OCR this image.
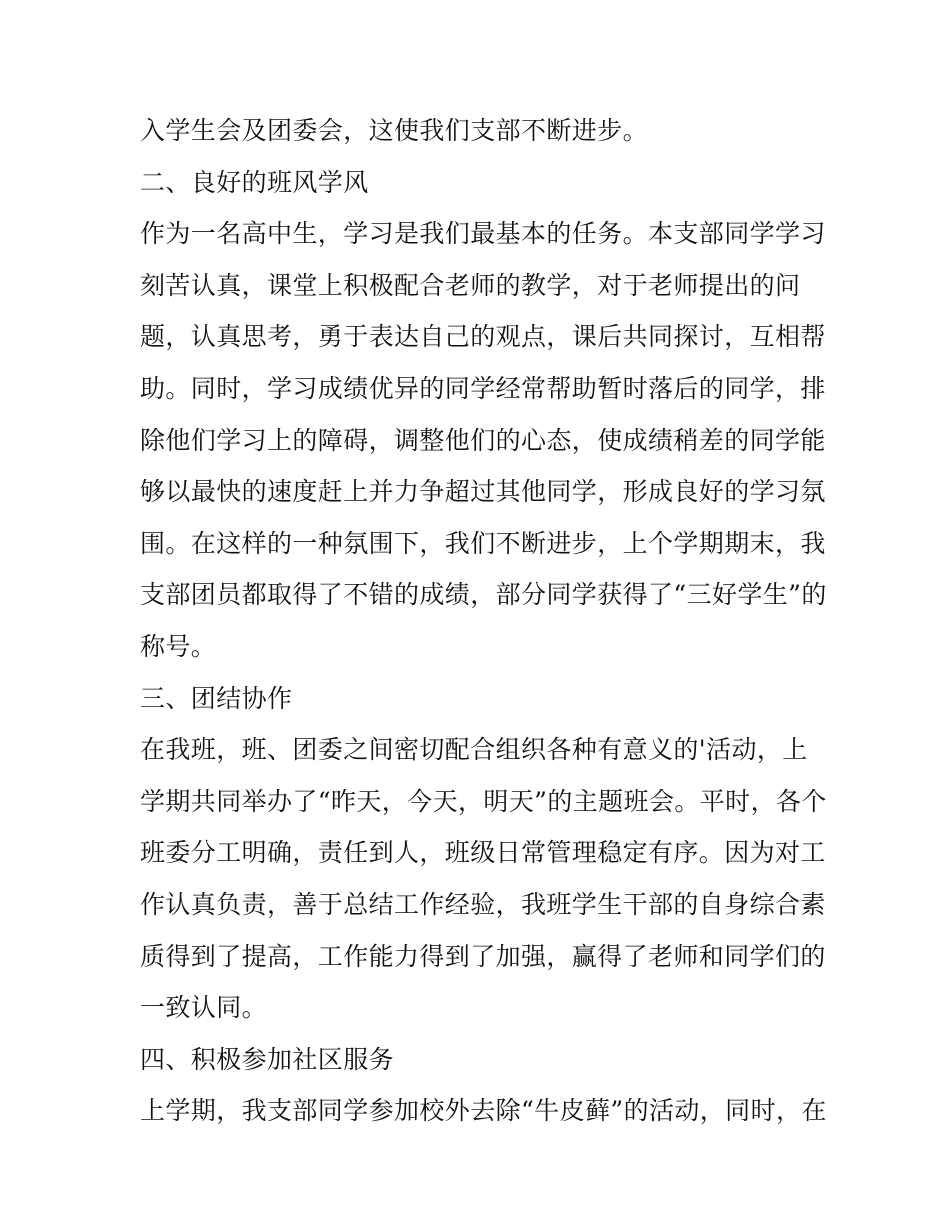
入学生会及团委会，这使我们支部不断进步。
二、良好的班风学风
作为一名高中生，学习是我们最基本的任务。本支部同学学习
刻苦认真，课堂上积极配合老师的教学，对于老师提出的问
题，认真思考，勇于表达自己的观点，课后共同探讨，互相帮
助。同时，学习成绩优异的同学经常帮助暂时落后的同学，排
除他们学习上的障碍，调整他们的心态，使成绩稍差的同学能
够以最快的速度赶上并力争超过其他同学，形成良好的学习氛
围。在这样的一种氛围下，我们不断进步，上个学期期末，我
支部团员都取得了不错的成绩，部分同学获得了“三好学生”的
称号。
三、团结协作
在我班，班、团委之间密切配合组织各种有意义的'活动，上
学期共同举办了“昨天，今天，明天”的主题班会。平时，各个
班委分工明确，责任到人，班级日常管理稳定有序。因为对工
作认真负责，善于总结工作经验，我班学生干部的自身综合素
质得到了提高，工作能力得到了加强，赢得了老师和同学们的
一致认同。
四、积极参加社区服务
上学期，我支部同学参加校外去除“牛皮藓”的活动，同时，在
